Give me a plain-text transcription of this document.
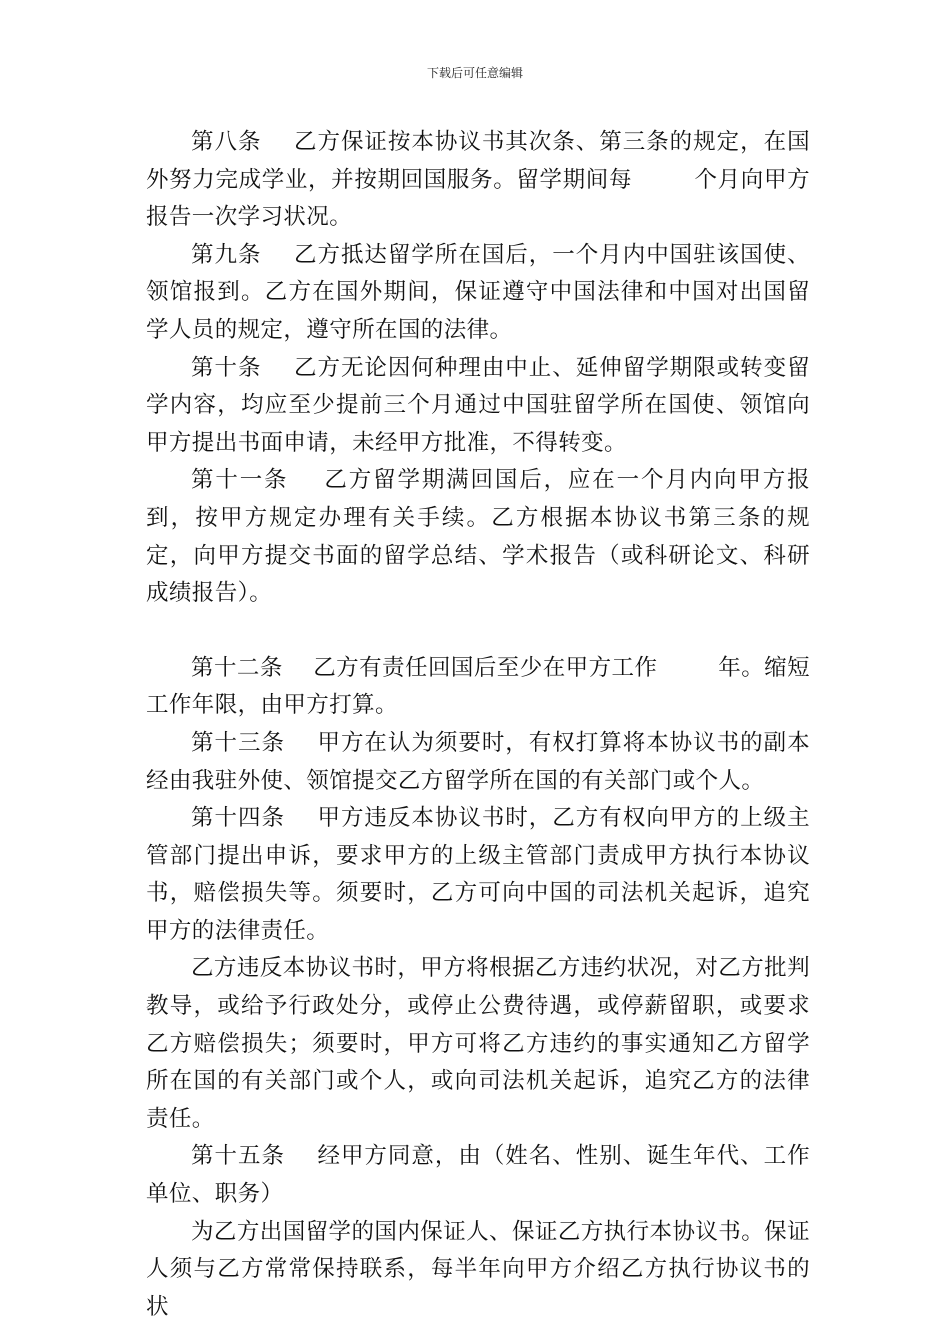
下载后可任意编辑

第八条    乙方保证按本协议书其次条、第三条的规定，在国外努力完成学业，并按期回国服务。留学期间每        个月向甲方报告一次学习状况。

第九条    乙方抵达留学所在国后，一个月内中国驻该国使、领馆报到。乙方在国外期间，保证遵守中国法律和中国对出国留学人员的规定，遵守所在国的法律。

第十条    乙方无论因何种理由中止、延伸留学期限或转变留学内容，均应至少提前三个月通过中国驻留学所在国使、领馆向甲方提出书面申请，未经甲方批准，不得转变。

第十一条    乙方留学期满回国后，应在一个月内向甲方报到，按甲方规定办理有关手续。乙方根据本协议书第三条的规定，向甲方提交书面的留学总结、学术报告（或科研论文、科研成绩报告）。

第十二条    乙方有责任回国后至少在甲方工作        年。缩短工作年限，由甲方打算。

第十三条    甲方在认为须要时，有权打算将本协议书的副本经由我驻外使、领馆提交乙方留学所在国的有关部门或个人。

第十四条    甲方违反本协议书时，乙方有权向甲方的上级主管部门提出申诉，要求甲方的上级主管部门责成甲方执行本协议书，赔偿损失等。须要时，乙方可向中国的司法机关起诉，追究甲方的法律责任。

乙方违反本协议书时，甲方将根据乙方违约状况，对乙方批判教导，或给予行政处分，或停止公费待遇，或停薪留职，或要求乙方赔偿损失；须要时，甲方可将乙方违约的事实通知乙方留学所在国的有关部门或个人，或向司法机关起诉，追究乙方的法律责任。

第十五条    经甲方同意，由（姓名、性别、诞生年代、工作单位、职务）

为乙方出国留学的国内保证人、保证乙方执行本协议书。保证人须与乙方常常保持联系，每半年向甲方介绍乙方执行协议书的状
